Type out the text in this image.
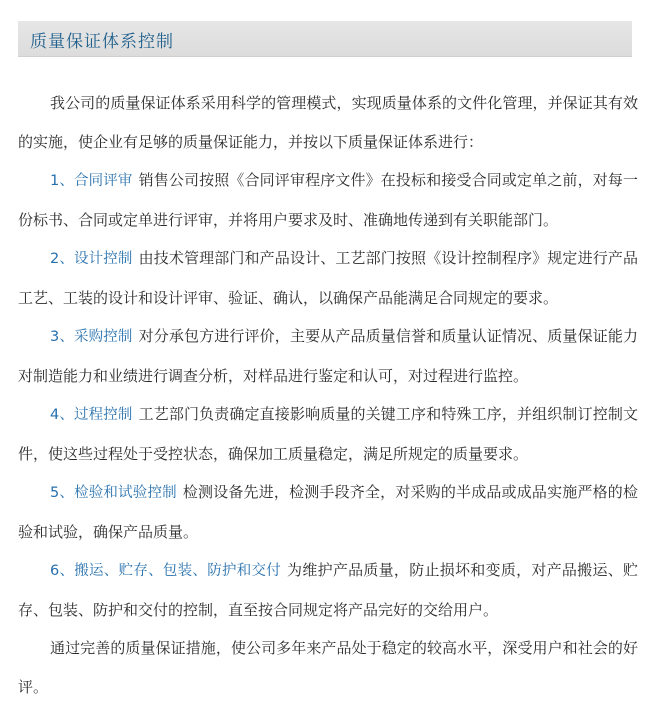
质量保证体系控制

我公司的质量保证体系采用科学的管理模式，实现质量体系的文件化管理，并保证其有效的实施，使企业有足够的质量保证能力，并按以下质量保证体系进行：

1、合同评审 销售公司按照《合同评审程序文件》在投标和接受合同或定单之前，对每一份标书、合同或定单进行评审，并将用户要求及时、准确地传递到有关职能部门。

2、设计控制 由技术管理部门和产品设计、工艺部门按照《设计控制程序》规定进行产品工艺、工装的设计和设计评审、验证、确认，以确保产品能满足合同规定的要求。

3、采购控制 对分承包方进行评价，主要从产品质量信誉和质量认证情况、质量保证能力对制造能力和业绩进行调查分析，对样品进行鉴定和认可，对过程进行监控。

4、过程控制 工艺部门负责确定直接影响质量的关键工序和特殊工序，并组织制订控制文件，使这些过程处于受控状态，确保加工质量稳定，满足所规定的质量要求。

5、检验和试验控制 检测设备先进，检测手段齐全，对采购的半成品或成品实施严格的检验和试验，确保产品质量。

6、搬运、贮存、包装、防护和交付 为维护产品质量，防止损坏和变质，对产品搬运、贮存、包装、防护和交付的控制，直至按合同规定将产品完好的交给用户。

通过完善的质量保证措施，使公司多年来产品处于稳定的较高水平，深受用户和社会的好评。
